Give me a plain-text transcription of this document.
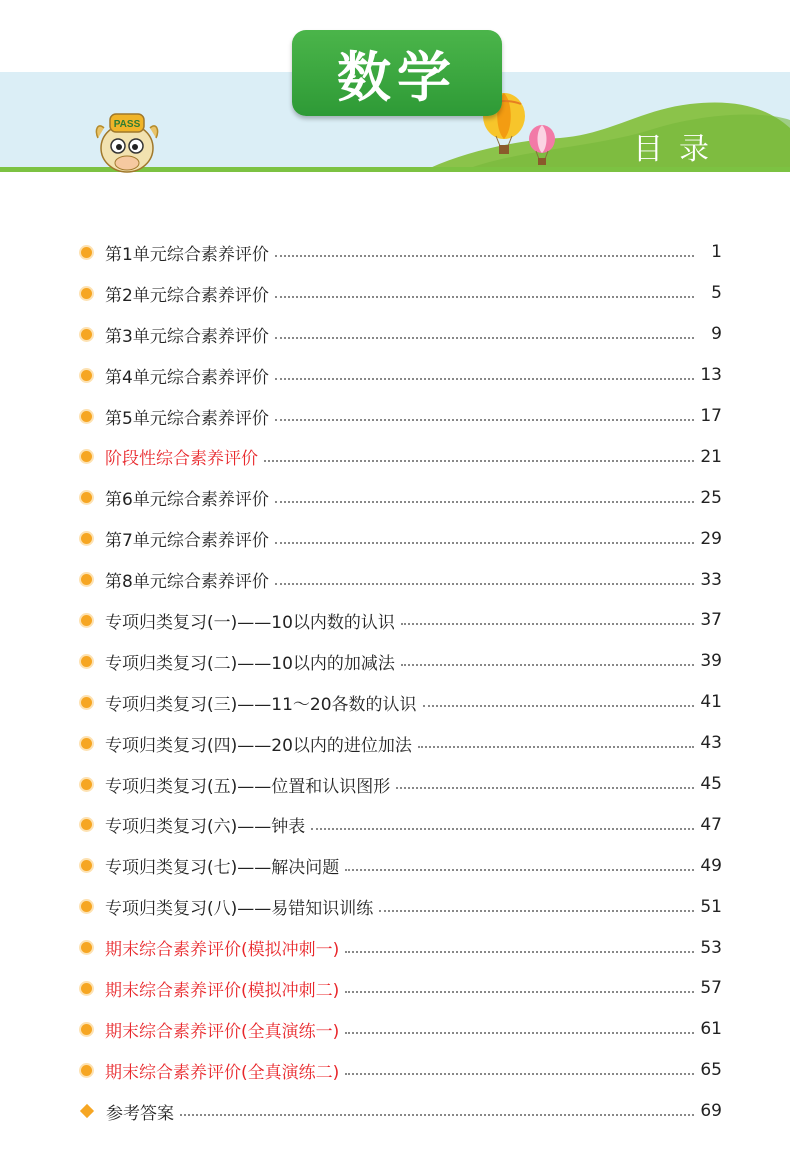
PASS
数学
目录
第1单元综合素养评价	1
第2单元综合素养评价	5
第3单元综合素养评价	9
第4单元综合素养评价	13
第5单元综合素养评价	17
阶段性综合素养评价	21
第6单元综合素养评价	25
第7单元综合素养评价	29
第8单元综合素养评价	33
专项归类复习(一)——10以内数的认识	37
专项归类复习(二)——10以内的加减法	39
专项归类复习(三)——11～20各数的认识	41
专项归类复习(四)——20以内的进位加法	43
专项归类复习(五)——位置和认识图形	45
专项归类复习(六)——钟表	47
专项归类复习(七)——解决问题	49
专项归类复习(八)——易错知识训练	51
期末综合素养评价(模拟冲刺一)	53
期末综合素养评价(模拟冲刺二)	57
期末综合素养评价(全真演练一)	61
期末综合素养评价(全真演练二)	65
参考答案	69
